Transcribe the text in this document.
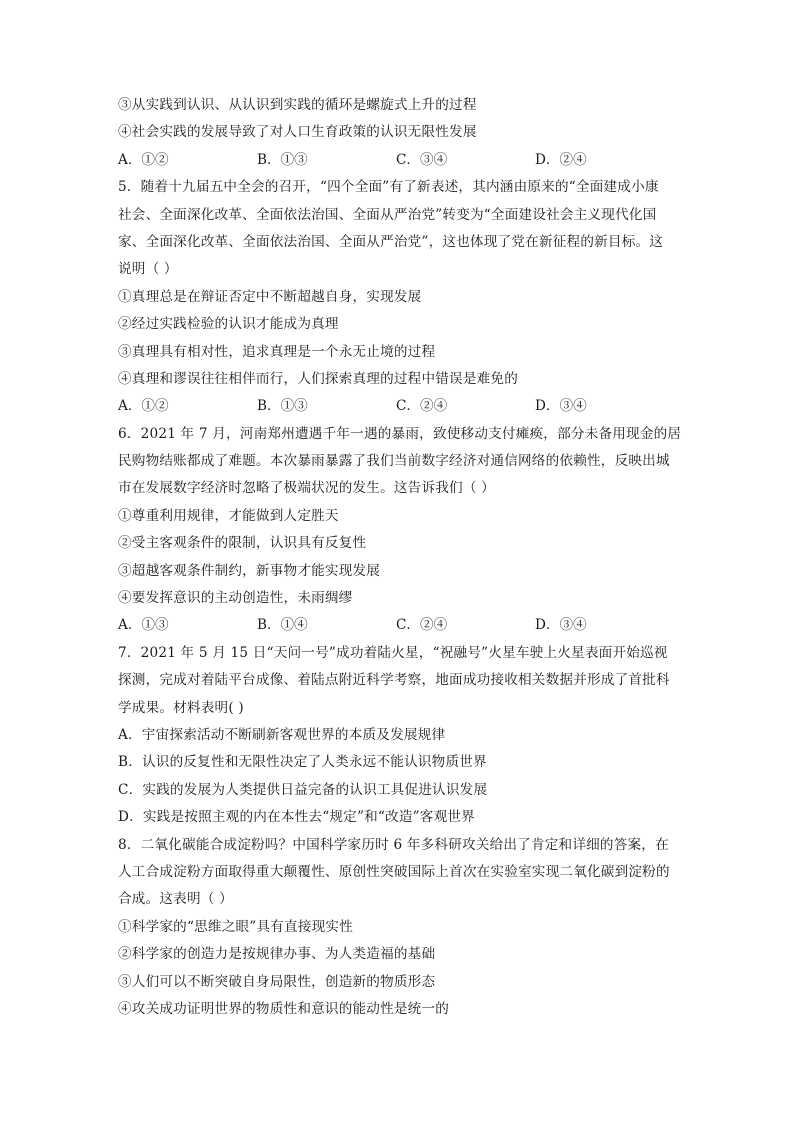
③从实践到认识、从认识到实践的循环是螺旋式上升的过程
④社会实践的发展导致了对人口生育政策的认识无限性发展
A．①②	B．①③	C．③④	D．②④
5．随着十九届五中全会的召开，“四个全面”有了新表述，其内涵由原来的“全面建成小康
社会、全面深化改革、全面依法治国、全面从严治党”转变为“全面建设社会主义现代化国
家、全面深化改革、全面依法治国、全面从严治党”，这也体现了党在新征程的新目标。这
说明（ ）
①真理总是在辩证否定中不断超越自身，实现发展
②经过实践检验的认识才能成为真理
③真理具有相对性，追求真理是一个永无止境的过程
④真理和谬误往往相伴而行，人们探索真理的过程中错误是难免的
A．①②	B．①③	C．②④	D．③④
6．2021 年 7 月，河南郑州遭遇千年一遇的暴雨，致使移动支付瘫痪，部分未备用现金的居
民购物结账都成了难题。本次暴雨暴露了我们当前数字经济对通信网络的依赖性，反映出城
市在发展数字经济时忽略了极端状况的发生。这告诉我们（ ）
①尊重利用规律，才能做到人定胜天
②受主客观条件的限制，认识具有反复性
③超越客观条件制约，新事物才能实现发展
④要发挥意识的主动创造性，未雨绸缪
A．①③	B．①④	C．②④	D．③④
7．2021 年 5 月 15 日“天问一号”成功着陆火星，“祝融号”火星车驶上火星表面开始巡视
探测，完成对着陆平台成像、着陆点附近科学考察，地面成功接收相关数据并形成了首批科
学成果。材料表明( )
A．宇宙探索活动不断刷新客观世界的本质及发展规律
B．认识的反复性和无限性决定了人类永远不能认识物质世界
C．实践的发展为人类提供日益完备的认识工具促进认识发展
D．实践是按照主观的内在本性去“规定”和“改造”客观世界
8．二氧化碳能合成淀粉吗？中国科学家历时 6 年多科研攻关给出了肯定和详细的答案，在
人工合成淀粉方面取得重大颠覆性、原创性突破国际上首次在实验室实现二氧化碳到淀粉的
合成。这表明（ ）
①科学家的“思维之眼”具有直接现实性
②科学家的创造力是按规律办事、为人类造福的基础
③人们可以不断突破自身局限性，创造新的物质形态
④攻关成功证明世界的物质性和意识的能动性是统一的
